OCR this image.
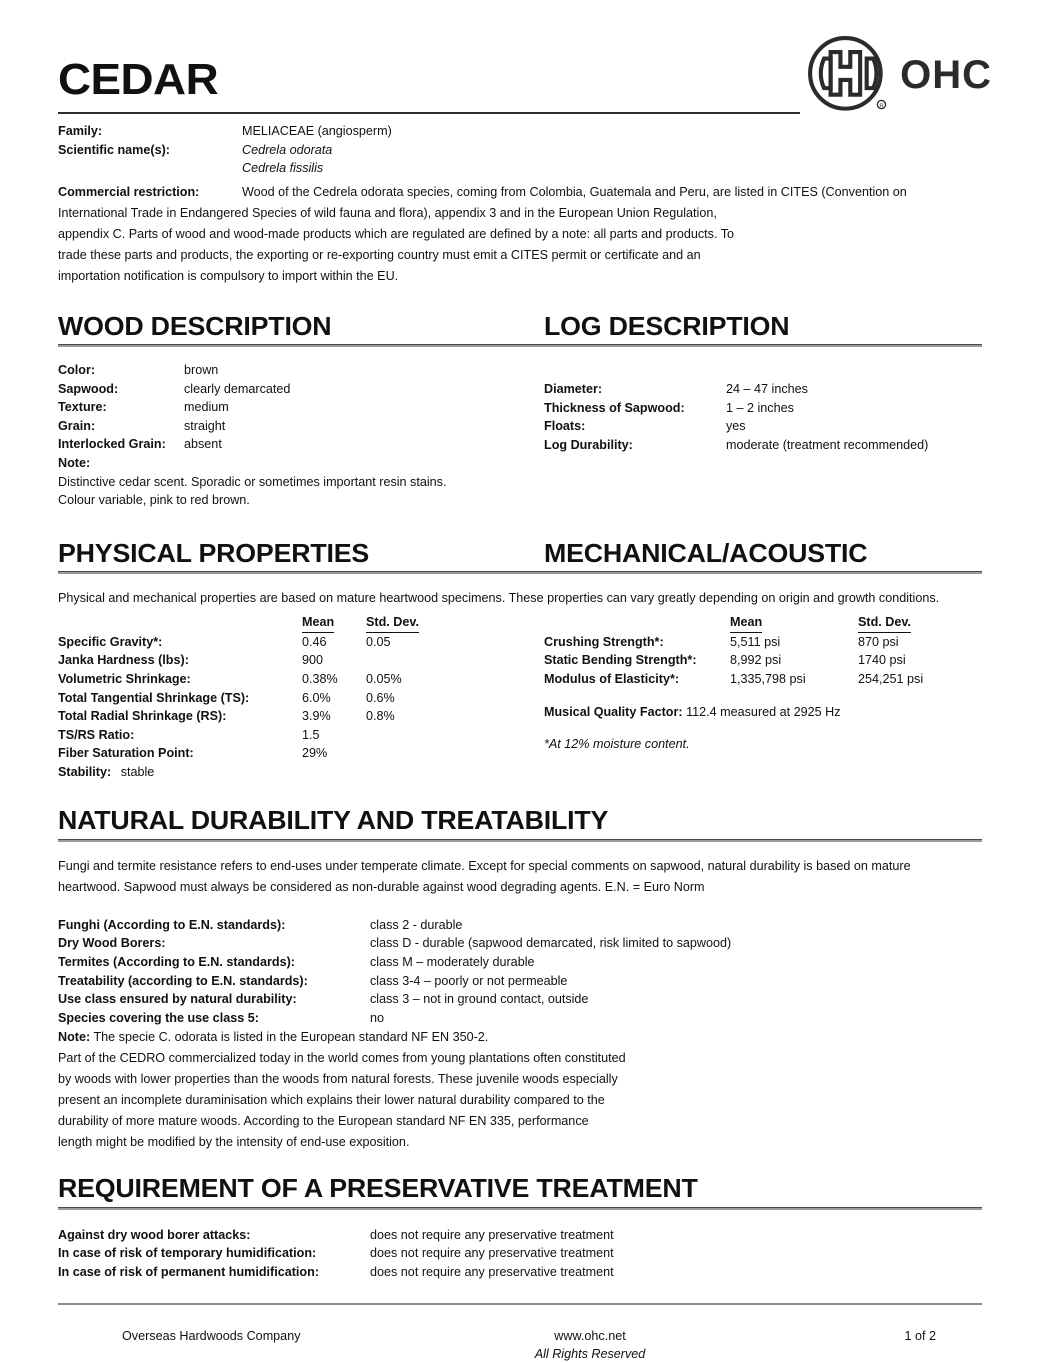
CEDAR
R
OHC
Family:	MELIACEAE (angiosperm)
Scientific name(s):	Cedrela odorata
Cedrela fissilis
Commercial restriction:	Wood of the Cedrela odorata species, coming from Colombia, Guatemala and Peru, are listed in CITES (Convention on
International Trade in Endangered Species of wild fauna and flora), appendix 3 and in the European Union Regulation,
appendix C. Parts of wood and wood-made products which are regulated are defined by a note: all parts and products. To
trade these parts and products, the exporting or re-exporting country must emit a CITES permit or certificate and an
importation notification is compulsory to import within the EU.
WOOD DESCRIPTION	LOG DESCRIPTION
Color:	brown
Sapwood:	clearly demarcated
Texture:	medium
Grain:	straight
Interlocked Grain:	absent
Note:
Distinctive cedar scent. Sporadic or sometimes important resin stains.
Colour variable, pink to red brown.
Diameter:	24 – 47 inches
Thickness of Sapwood:	1 – 2 inches
Floats:	yes
Log Durability:	moderate (treatment recommended)
PHYSICAL PROPERTIES	MECHANICAL/ACOUSTIC
Physical and mechanical properties are based on mature heartwood specimens. These properties can vary greatly depending on origin and growth conditions.
	Mean	Std. Dev.
Specific Gravity*:	0.46	0.05
Janka Hardness (lbs):	900	
Volumetric Shrinkage:	0.38%	0.05%
Total Tangential Shrinkage (TS):	6.0%	0.6%
Total Radial Shrinkage (RS):	3.9%	0.8%
TS/RS Ratio:	1.5	
Fiber Saturation Point:	29%	
Stability: stable
	Mean	Std. Dev.
Crushing Strength*:	5,511 psi	870 psi
Static Bending Strength*:	8,992 psi	1740 psi
Modulus of Elasticity*:	1,335,798 psi	254,251 psi
Musical Quality Factor: 112.4 measured at 2925 Hz
*At 12% moisture content.
NATURAL DURABILITY AND TREATABILITY
Fungi and termite resistance refers to end-uses under temperate climate. Except for special comments on sapwood, natural durability is based on mature
heartwood. Sapwood must always be considered as non-durable against wood degrading agents. E.N. = Euro Norm
Funghi (According to E.N. standards):	class 2 - durable
Dry Wood Borers:	class D - durable (sapwood demarcated, risk limited to sapwood)
Termites (According to E.N. standards):	class M – moderately durable
Treatability (according to E.N. standards):	class 3-4 – poorly or not permeable
Use class ensured by natural durability:	class 3 – not in ground contact, outside
Species covering the use class 5:	no
Note: The specie C. odorata is listed in the European standard NF EN 350-2.
Part of the CEDRO commercialized today in the world comes from young plantations often constituted
by woods with lower properties than the woods from natural forests. These juvenile woods especially
present an incomplete duraminisation which explains their lower natural durability compared to the
durability of more mature woods. According to the European standard NF EN 335, performance
length might be modified by the intensity of end-use exposition.
REQUIREMENT OF A PRESERVATIVE TREATMENT
Against dry wood borer attacks:	does not require any preservative treatment
In case of risk of temporary humidification:	does not require any preservative treatment
In case of risk of permanent humidification:	does not require any preservative treatment
Overseas Hardwoods Company	www.ohc.net
All Rights Reserved
1 of 2
